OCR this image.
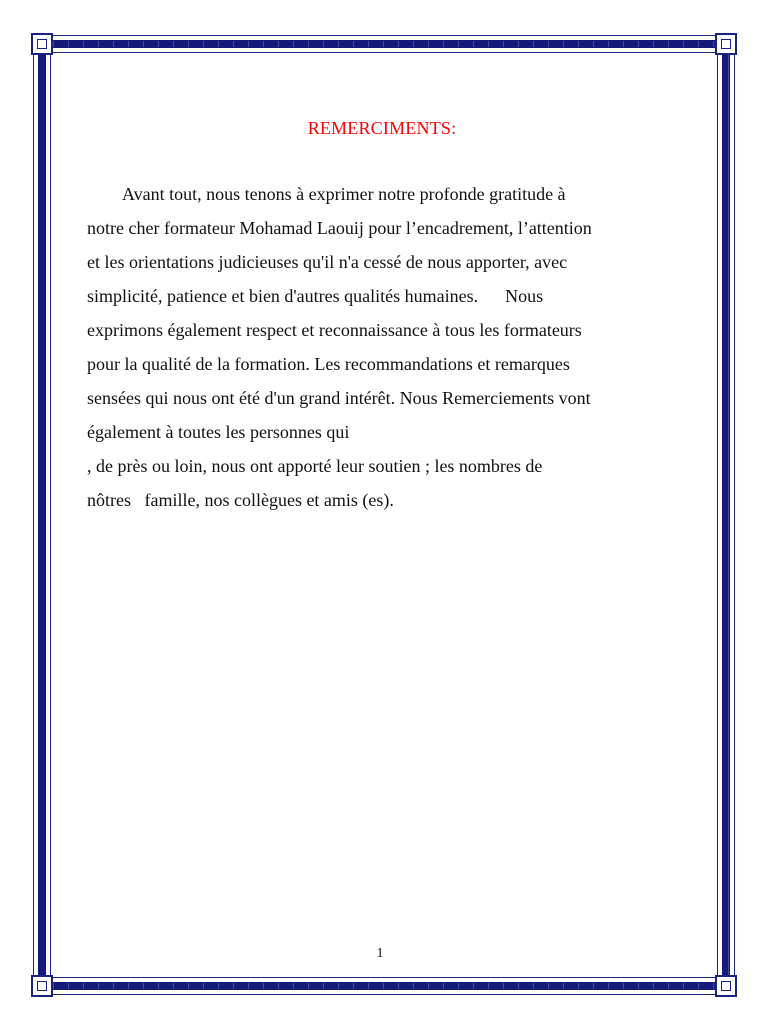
REMERCIMENTS:

Avant tout, nous tenons à exprimer notre profonde gratitude à
notre cher formateur Mohamad Laouij pour l’encadrement, l’attention
et les orientations judicieuses qu'il n'a cessé de nous apporter, avec
simplicité, patience et bien d'autres qualités humaines.      Nous
exprimons également respect et reconnaissance à tous les formateurs
pour la qualité de la formation. Les recommandations et remarques
sensées qui nous ont été d'un grand intérêt. Nous Remerciements vont
également à toutes les personnes qui
, de près ou loin, nous ont apporté leur soutien ; les nombres de
nôtres   famille, nos collègues et amis (es).

1
